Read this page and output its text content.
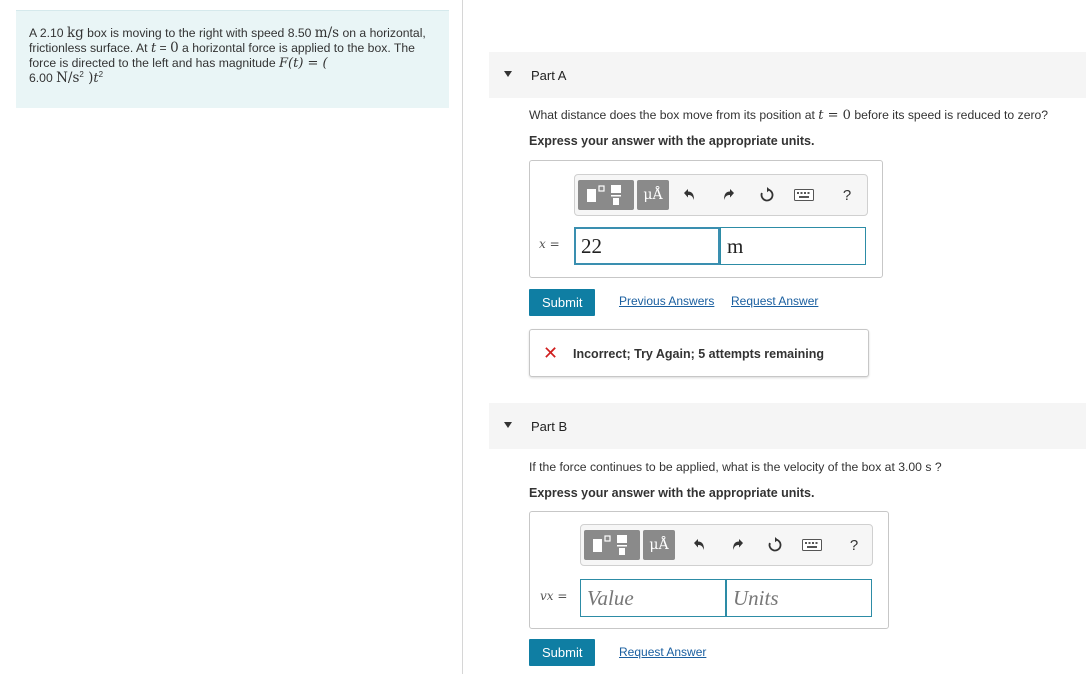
A 2.10 kg box is moving to the right with speed 8.50 m/s on a horizontal, frictionless surface. At t = 0 a horizontal force is applied to the box. The force is directed to the left and has magnitude F(t) = (
6.00 $N/s^2$ )$t^2$	Part A
What distance does the box move from its position at t = 0 before its speed is reduced to zero?
Express your answer with the appropriate units.
μÅ	?
x =
22
m
Submit	Previous Answers Request Answer
✕ Incorrect; Try Again; 5 attempts remaining
Part B
If the force continues to be applied, what is the velocity of the box at 3.00 s ?
Express your answer with the appropriate units.
μÅ	?
vx =
Value
Units
Submit	Request Answer
